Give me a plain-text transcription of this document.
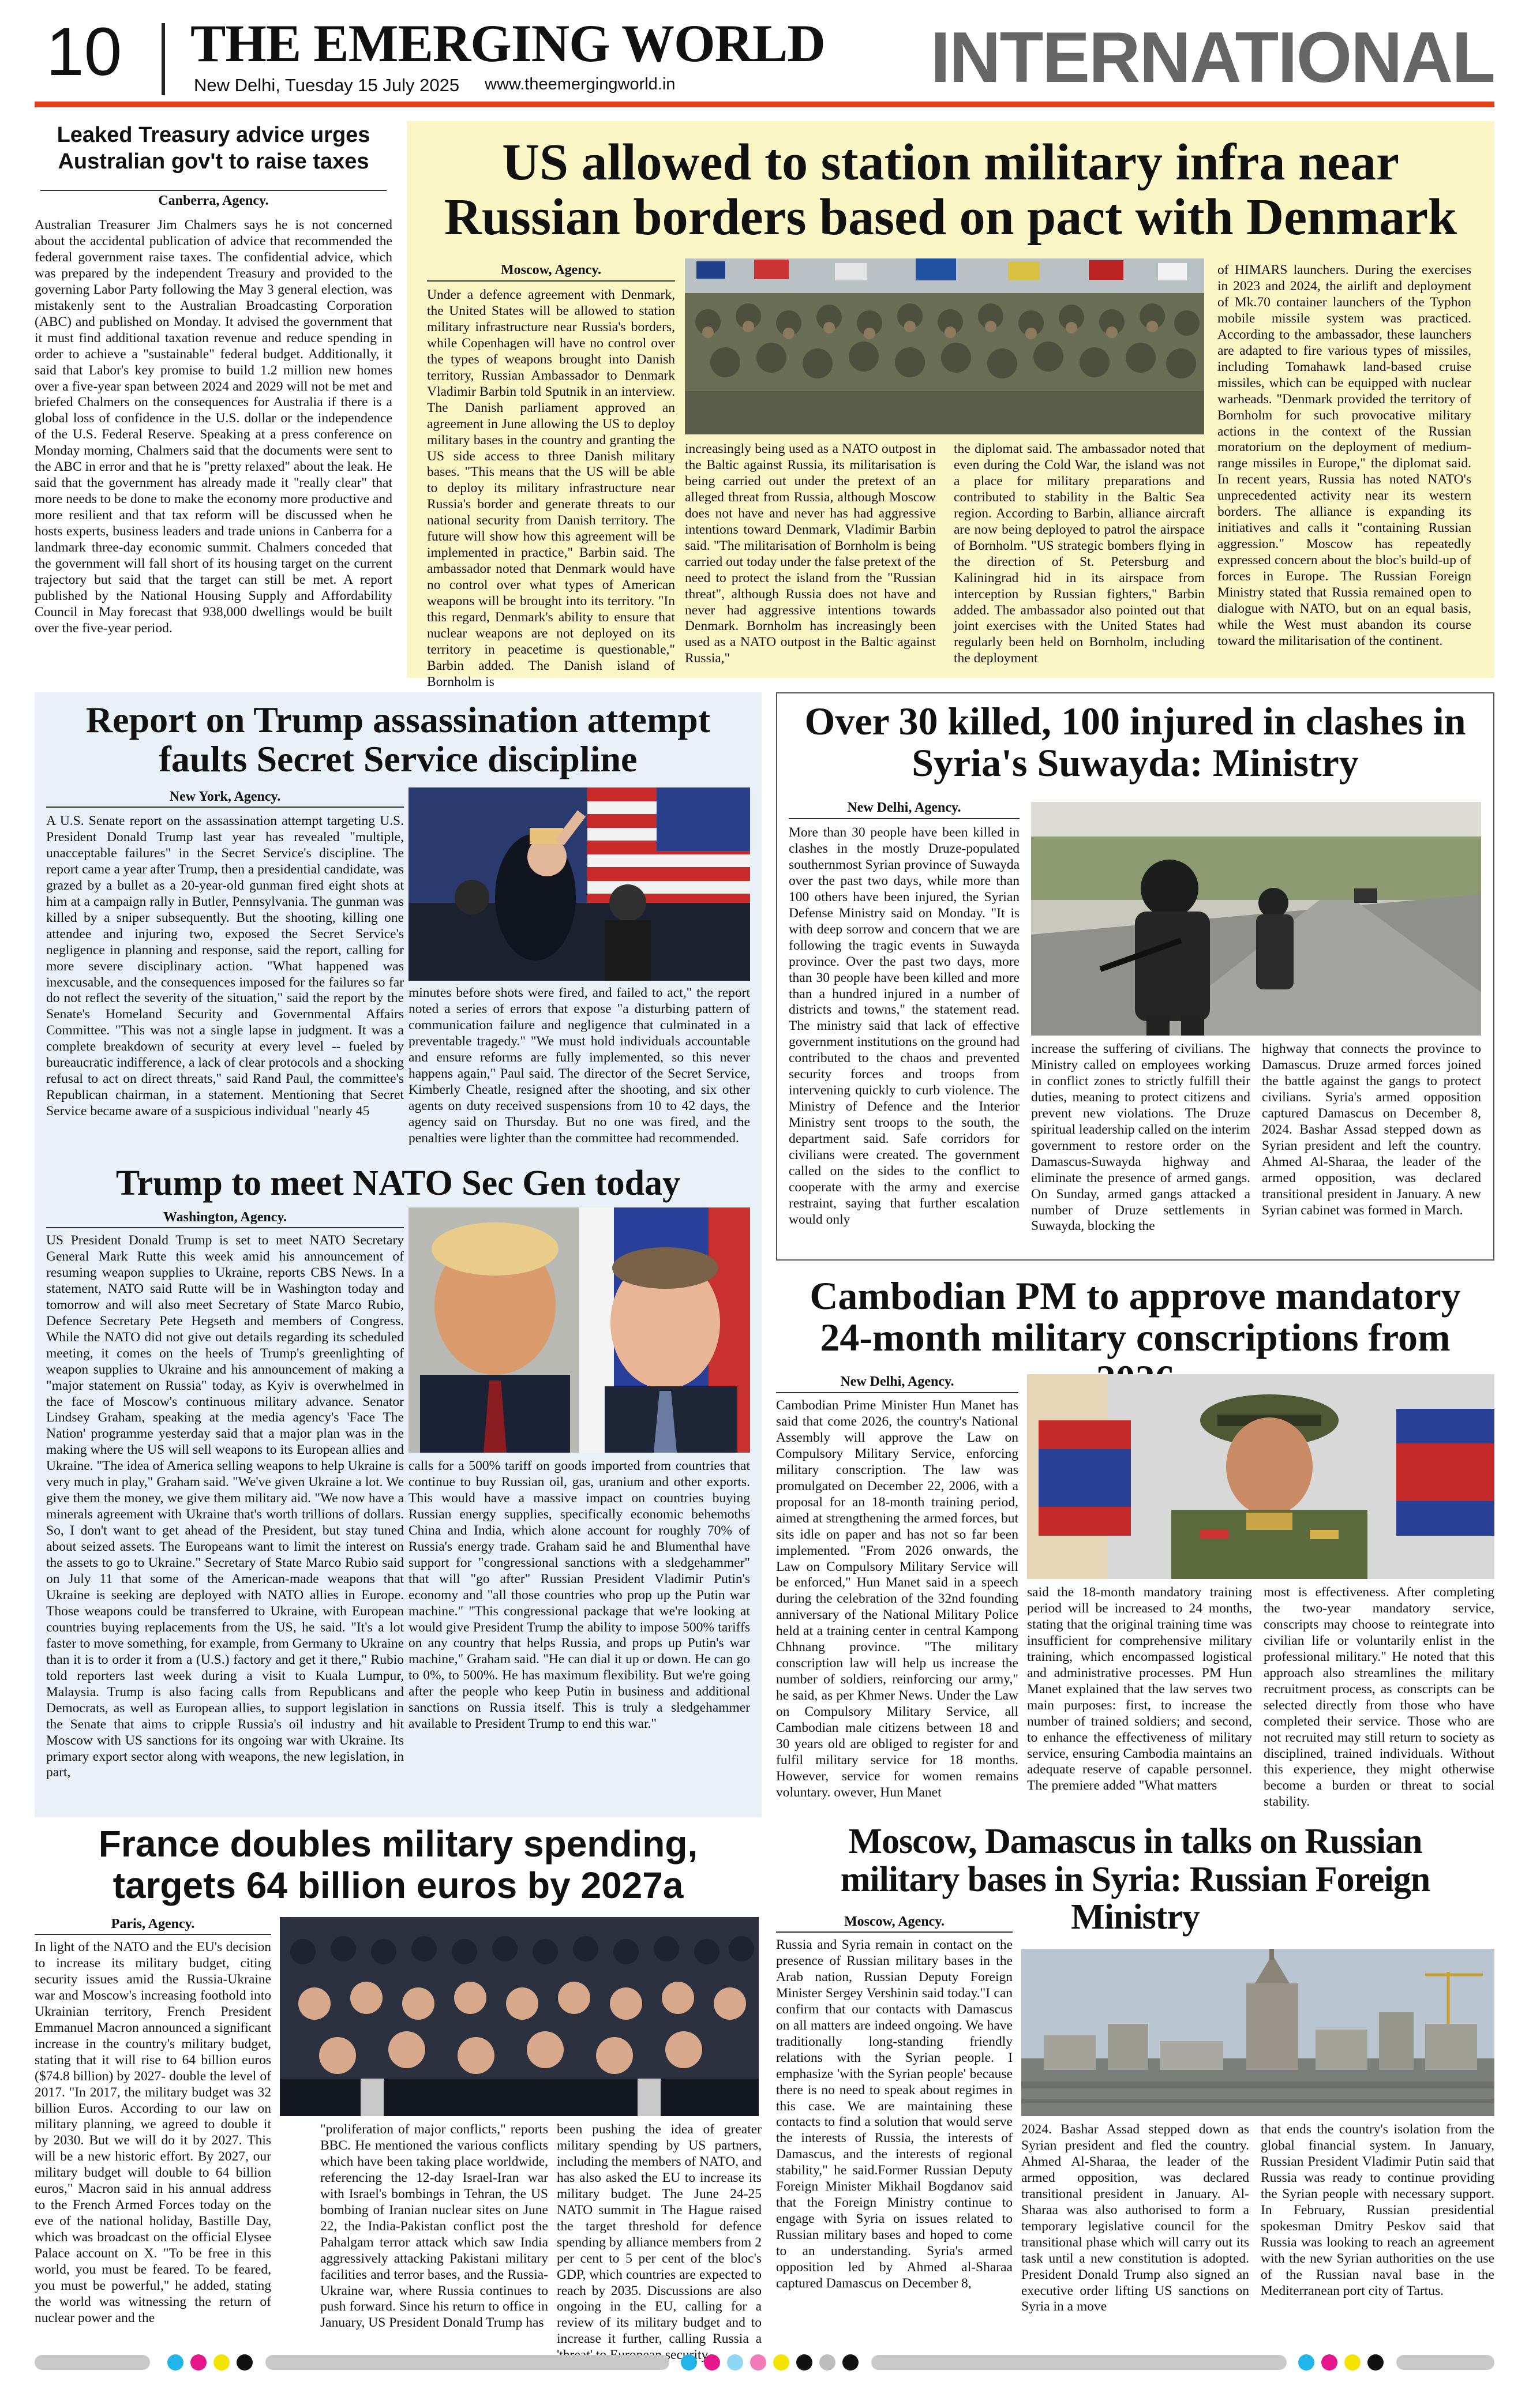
10 THE EMERGING WORLD
New Delhi, Tuesday 15 July 2025 www.theemergingworld.in	INTERNATIONAL
Leaked Treasury advice urges Australian gov't to raise taxes
Canberra, Agency.
Australian Treasurer Jim Chalmers says he is not concerned about the accidental publication of advice that recommended the federal government raise taxes. The confidential advice, which was prepared by the independent Treasury and provided to the governing Labor Party following the May 3 general election, was mistakenly sent to the Australian Broadcasting Corporation (ABC) and published on Monday. It advised the government that it must find additional taxation revenue and reduce spending in order to achieve a "sustainable" federal budget. Additionally, it said that Labor's key promise to build 1.2 million new homes over a five-year span between 2024 and 2029 will not be met and briefed Chalmers on the consequences for Australia if there is a global loss of confidence in the U.S. dollar or the independence of the U.S. Federal Reserve. Speaking at a press conference on Monday morning, Chalmers said that the documents were sent to the ABC in error and that he is "pretty relaxed" about the leak. He said that the government has already made it "really clear" that more needs to be done to make the economy more productive and more resilient and that tax reform will be discussed when he hosts experts, business leaders and trade unions in Canberra for a landmark three-day economic summit. Chalmers conceded that the government will fall short of its housing target on the current trajectory but said that the target can still be met. A report published by the National Housing Supply and Affordability Council in May forecast that 938,000 dwellings would be built over the five-year period.
US allowed to station military infra near Russian borders based on pact with Denmark
Moscow, Agency.
Under a defence agreement with Denmark, the United States will be allowed to station military infrastructure near Russia's borders, while Copenhagen will have no control over the types of weapons brought into Danish territory, Russian Ambassador to Denmark Vladimir Barbin told Sputnik in an interview. The Danish parliament approved an agreement in June allowing the US to deploy military bases in the country and granting the US side access to three Danish military bases. "This means that the US will be able to deploy its military infrastructure near Russia's border and generate threats to our national security from Danish territory. The future will show how this agreement will be implemented in practice," Barbin said. The ambassador noted that Denmark would have no control over what types of American weapons will be brought into its territory. "In this regard, Denmark's ability to ensure that nuclear weapons are not deployed on its territory in peacetime is questionable," Barbin added. The Danish island of Bornholm is
increasingly being used as a NATO outpost in the Baltic against Russia, its militarisation is being carried out under the pretext of an alleged threat from Russia, although Moscow does not have and never has had aggressive intentions toward Denmark, Vladimir Barbin said. "The militarisation of Bornholm is being carried out today under the false pretext of the need to protect the island from the "Russian threat", although Russia does not have and never had aggressive intentions towards Denmark. Bornholm has increasingly been used as a NATO outpost in the Baltic against Russia,"
the diplomat said. The ambassador noted that even during the Cold War, the island was not a place for military preparations and contributed to stability in the Baltic Sea region. According to Barbin, alliance aircraft are now being deployed to patrol the airspace of Bornholm. "US strategic bombers flying in the direction of St. Petersburg and Kaliningrad hid in its airspace from interception by Russian fighters," Barbin added. The ambassador also pointed out that joint exercises with the United States had regularly been held on Bornholm, including the deployment
of HIMARS launchers. During the exercises in 2023 and 2024, the airlift and deployment of Mk.70 container launchers of the Typhon mobile missile system was practiced. According to the ambassador, these launchers are adapted to fire various types of missiles, including Tomahawk land-based cruise missiles, which can be equipped with nuclear warheads. "Denmark provided the territory of Bornholm for such provocative military actions in the context of the Russian moratorium on the deployment of medium-range missiles in Europe," the diplomat said. In recent years, Russia has noted NATO's unprecedented activity near its western borders. The alliance is expanding its initiatives and calls it "containing Russian aggression." Moscow has repeatedly expressed concern about the bloc's build-up of forces in Europe. The Russian Foreign Ministry stated that Russia remained open to dialogue with NATO, but on an equal basis, while the West must abandon its course toward the militarisation of the continent.
Report on Trump assassination attempt faults Secret Service discipline
New York, Agency.
A U.S. Senate report on the assassination attempt targeting U.S. President Donald Trump last year has revealed "multiple, unacceptable failures" in the Secret Service's discipline. The report came a year after Trump, then a presidential candidate, was grazed by a bullet as a 20-year-old gunman fired eight shots at him at a campaign rally in Butler, Pennsylvania. The gunman was killed by a sniper subsequently. But the shooting, killing one attendee and injuring two, exposed the Secret Service's negligence in planning and response, said the report, calling for more severe disciplinary action. "What happened was inexcusable, and the consequences imposed for the failures so far do not reflect the severity of the situation," said the report by the Senate's Homeland Security and Governmental Affairs Committee. "This was not a single lapse in judgment. It was a complete breakdown of security at every level -- fueled by bureaucratic indifference, a lack of clear protocols and a shocking refusal to act on direct threats," said Rand Paul, the committee's Republican chairman, in a statement. Mentioning that Secret Service became aware of a suspicious individual "nearly 45
minutes before shots were fired, and failed to act," the report noted a series of errors that expose "a disturbing pattern of communication failure and negligence that culminated in a preventable tragedy." "We must hold individuals accountable and ensure reforms are fully implemented, so this never happens again," Paul said. The director of the Secret Service, Kimberly Cheatle, resigned after the shooting, and six other agents on duty received suspensions from 10 to 42 days, the agency said on Thursday. But no one was fired, and the penalties were lighter than the committee had recommended.
Trump to meet NATO Sec Gen today
Washington, Agency.
US President Donald Trump is set to meet NATO Secretary General Mark Rutte this week amid his announcement of resuming weapon supplies to Ukraine, reports CBS News. In a statement, NATO said Rutte will be in Washington today and tomorrow and will also meet Secretary of State Marco Rubio, Defence Secretary Pete Hegseth and members of Congress. While the NATO did not give out details regarding its scheduled meeting, it comes on the heels of Trump's greenlighting of weapon supplies to Ukraine and his announcement of making a "major statement on Russia" today, as Kyiv is overwhelmed in the face of Moscow's continuous military advance. Senator Lindsey Graham, speaking at the media agency's 'Face The Nation' programme yesterday said that a major plan was in the making where the US will sell weapons to its European allies and Ukraine. "The idea of America selling weapons to help Ukraine is very much in play," Graham said. "We've given Ukraine a lot. We give them the money, we give them military aid. "We now have a minerals agreement with Ukraine that's worth trillions of dollars. So, I don't want to get ahead of the President, but stay tuned about seized assets. The Europeans want to limit the interest on the assets to go to Ukraine." Secretary of State Marco Rubio said on July 11 that some of the American-made weapons that Ukraine is seeking are deployed with NATO allies in Europe. Those weapons could be transferred to Ukraine, with European countries buying replacements from the US, he said. "It's a lot faster to move something, for example, from Germany to Ukraine than it is to order it from a (U.S.) factory and get it there," Rubio told reporters last week during a visit to Kuala Lumpur, Malaysia. Trump is also facing calls from Republicans and Democrats, as well as European allies, to support legislation in the Senate that aims to cripple Russia's oil industry and hit Moscow with US sanctions for its ongoing war with Ukraine. Its primary export sector along with weapons, the new legislation, in part,
calls for a 500% tariff on goods imported from countries that continue to buy Russian oil, gas, uranium and other exports. This would have a massive impact on countries buying Russian energy supplies, specifically economic behemoths China and India, which alone account for roughly 70% of Russia's energy trade. Graham said he and Blumenthal have support for "congressional sanctions with a sledgehammer" that will "go after" Russian President Vladimir Putin's economy and "all those countries who prop up the Putin war machine." "This congressional package that we're looking at would give President Trump the ability to impose 500% tariffs on any country that helps Russia, and props up Putin's war machine," Graham said. "He can dial it up or down. He can go to 0%, to 500%. He has maximum flexibility. But we're going after the people who keep Putin in business and additional sanctions on Russia itself. This is truly a sledgehammer available to President Trump to end this war."
Over 30 killed, 100 injured in clashes in Syria's Suwayda: Ministry
New Delhi, Agency.
More than 30 people have been killed in clashes in the mostly Druze-populated southernmost Syrian province of Suwayda over the past two days, while more than 100 others have been injured, the Syrian Defense Ministry said on Monday. "It is with deep sorrow and concern that we are following the tragic events in Suwayda province. Over the past two days, more than 30 people have been killed and more than a hundred injured in a number of districts and towns," the statement read. The ministry said that lack of effective government institutions on the ground had contributed to the chaos and prevented security forces and troops from intervening quickly to curb violence. The Ministry of Defence and the Interior Ministry sent troops to the south, the department said. Safe corridors for civilians were created. The government called on the sides to the conflict to cooperate with the army and exercise restraint, saying that further escalation would only
increase the suffering of civilians. The Ministry called on employees working in conflict zones to strictly fulfill their duties, meaning to protect citizens and prevent new violations. The Druze spiritual leadership called on the interim government to restore order on the Damascus-Suwayda highway and eliminate the presence of armed gangs. On Sunday, armed gangs attacked a number of Druze settlements in Suwayda, blocking the
highway that connects the province to Damascus. Druze armed forces joined the battle against the gangs to protect civilians. Syria's armed opposition captured Damascus on December 8, 2024. Bashar Assad stepped down as Syrian president and left the country. Ahmed Al-Sharaa, the leader of the armed opposition, was declared transitional president in January. A new Syrian cabinet was formed in March.
Cambodian PM to approve mandatory 24-month military conscriptions from
New Delhi, Agency.
Cambodian Prime Minister Hun Manet has said that come 2026, the country's National Assembly will approve the Law on Compulsory Military Service, enforcing military conscription. The law was promulgated on December 22, 2006, with a proposal for an 18-month training period, aimed at strengthening the armed forces, but sits idle on paper and has not so far been implemented. "From 2026 onwards, the Law on Compulsory Military Service will be enforced," Hun Manet said in a speech during the celebration of the 32nd founding anniversary of the National Military Police held at a training center in central Kampong Chhnang province. "The military conscription law will help us increase the number of soldiers, reinforcing our army," he said, as per Khmer News. Under the Law on Compulsory Military Service, all Cambodian male citizens between 18 and 30 years old are obliged to register for and fulfil military service for 18 months. However, service for women remains voluntary. owever, Hun Manet
said the 18-month mandatory training period will be increased to 24 months, stating that the original training time was insufficient for comprehensive military training, which encompassed logistical and administrative processes. PM Hun Manet explained that the law serves two main purposes: first, to increase the number of trained soldiers; and second, to enhance the effectiveness of military service, ensuring Cambodia maintains an adequate reserve of capable personnel. The premiere added "What matters
most is effectiveness. After completing the two-year mandatory service, conscripts may choose to reintegrate into civilian life or voluntarily enlist in the professional military." He noted that this approach also streamlines the military recruitment process, as conscripts can be selected directly from those who have completed their service. Those who are not recruited may still return to society as disciplined, trained individuals. Without this experience, they might otherwise become a burden or threat to social stability.
France doubles military spending, targets 64 billion euros by 2027a
Paris, Agency.
In light of the NATO and the EU's decision to increase its military budget, citing security issues amid the Russia-Ukraine war and Moscow's increasing foothold into Ukrainian territory, French President Emmanuel Macron announced a significant increase in the country's military budget, stating that it will rise to 64 billion euros ($74.8 billion) by 2027- double the level of 2017. "In 2017, the military budget was 32 billion Euros. According to our law on military planning, we agreed to double it by 2030. But we will do it by 2027. This will be a new historic effort. By 2027, our military budget will double to 64 billion euros," Macron said in his annual address to the French Armed Forces today on the eve of the national holiday, Bastille Day, which was broadcast on the official Elysee Palace account on X. "To be free in this world, you must be feared. To be feared, you must be powerful," he added, stating the world was witnessing the return of nuclear power and the
"proliferation of major conflicts," reports BBC. He mentioned the various conflicts which have been taking place worldwide, referencing the 12-day Israel-Iran war with Israel's bombings in Tehran, the US bombing of Iranian nuclear sites on June 22, the India-Pakistan conflict post the Pahalgam terror attack which saw India aggressively attacking Pakistani military facilities and terror bases, and the Russia-Ukraine war, where Russia continues to push forward. Since his return to office in January, US President Donald Trump has
been pushing the idea of greater military spending by US partners, including the members of NATO, and has also asked the EU to increase its military budget. The June 24-25 NATO summit in The Hague raised the target threshold for defence spending by alliance members from 2 per cent to 5 per cent of the bloc's GDP, which countries are expected to reach by 2035. Discussions are also ongoing in the EU, calling for a review of its military budget and to increase it further, calling Russia a
Moscow, Damascus in talks on Russian military bases in Syria: Russian Foreign Ministry
Moscow, Agency.
Russia and Syria remain in contact on the presence of Russian military bases in the Arab nation, Russian Deputy Foreign Minister Sergey Vershinin said today."I can confirm that our contacts with Damascus on all matters are indeed ongoing. We have traditionally long-standing friendly relations with the Syrian people. I emphasize 'with the Syrian people' because there is no need to speak about regimes in this case. We are maintaining these contacts to find a solution that would serve the interests of Russia, the interests of Damascus, and the interests of regional stability," he said.Former Russian Deputy Foreign Minister Mikhail Bogdanov said that the Foreign Ministry continue to engage with Syria on issues related to Russian military bases and hoped to come to an understanding. Syria's armed opposition led by Ahmed al-Sharaa captured Damascus on December 8,
2024. Bashar Assad stepped down as Syrian president and fled the country. Ahmed Al-Sharaa, the leader of the armed opposition, was declared transitional president in January. Al-Sharaa was also authorised to form a temporary legislative council for the transitional phase which will carry out its task until a new constitution is adopted. President Donald Trump also signed an executive order lifting US sanctions on Syria in a move
that ends the country's isolation from the global financial system. In January, Russian President Vladimir Putin said that Russia was ready to continue providing the Syrian people with necessary support. In February, Russian presidential spokesman Dmitry Peskov said that Russia was looking to reach an agreement with the new Syrian authorities on the use of the Russian naval base in the Mediterranean port city of Tartus.
